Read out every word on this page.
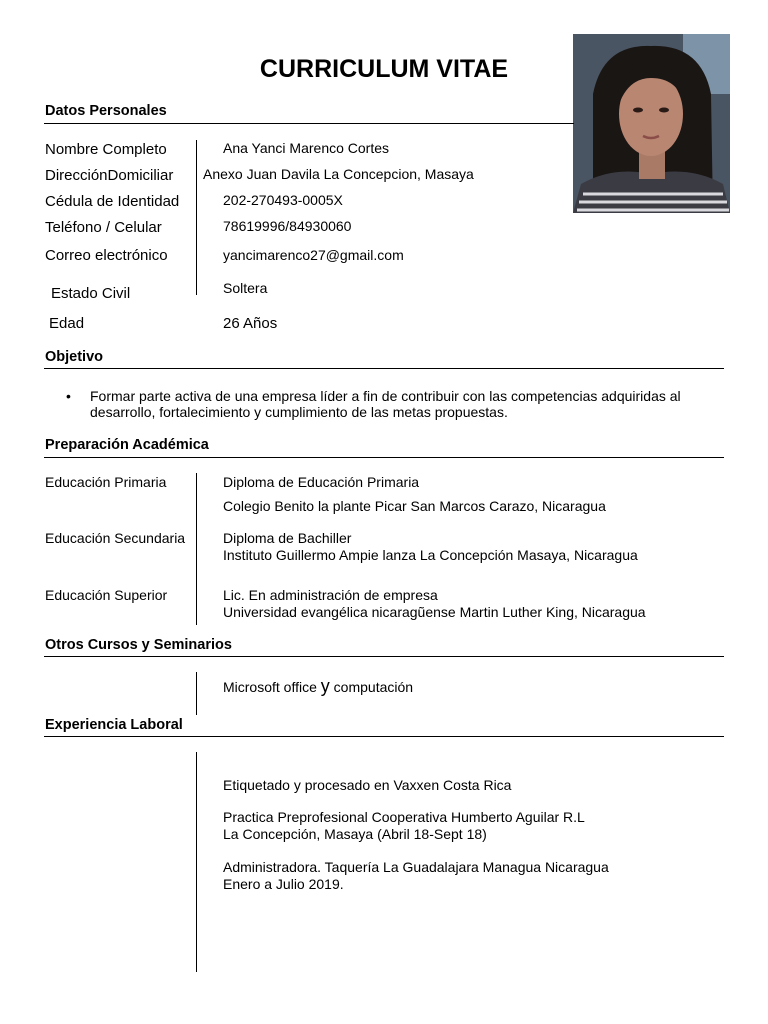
CURRICULUM VITAE
Datos Personales
Nombre Completo	Ana Yanci Marenco Cortes
DirecciónDomiciliar Anexo Juan Davila La Concepcion, Masaya
Cédula de Identidad	202-270493-0005X
Teléfono / Celular	78619996/84930060
Correo electrónico	yancimarenco27@gmail.com
Estado Civil	Soltera
Edad	26 Años
Objetivo
• Formar parte activa de una empresa líder a fin de contribuir con las competencias adquiridas al
desarrollo, fortalecimiento y cumplimiento de las metas propuestas.
Preparación Académica
Educación Primaria	Diploma de Educación Primaria
Colegio Benito la plante Picar San Marcos Carazo, Nicaragua
Educación Secundaria	Diploma de Bachiller
Instituto Guillermo Ampie lanza La Concepción Masaya, Nicaragua
Educación Superior	Lic. En administración de empresa
Universidad evangélica nicaragũense Martin Luther King, Nicaragua
Otros Cursos y Seminarios
Microsoft office y computación
Experiencia Laboral
Etiquetado y procesado en Vaxxen Costa Rica
Practica Preprofesional Cooperativa Humberto Aguilar R.L
La Concepción, Masaya (Abril 18-Sept 18)
Administradora. Taquería La Guadalajara Managua Nicaragua
Enero a Julio 2019.
